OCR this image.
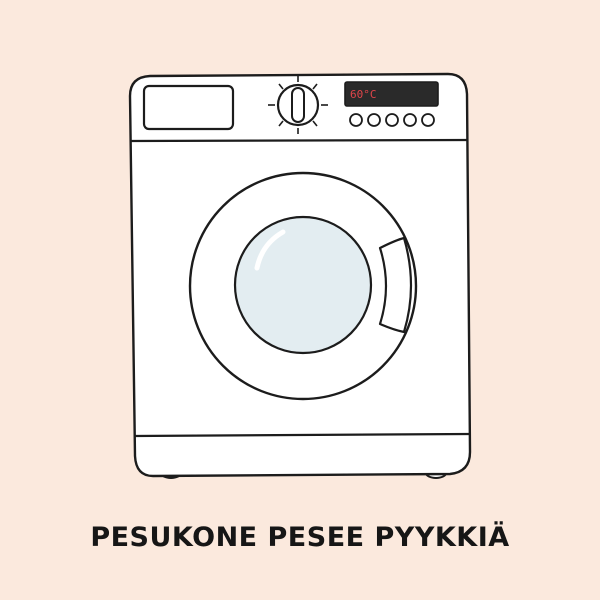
60°C
PESUKONE PESEE PYYKKIÄ
